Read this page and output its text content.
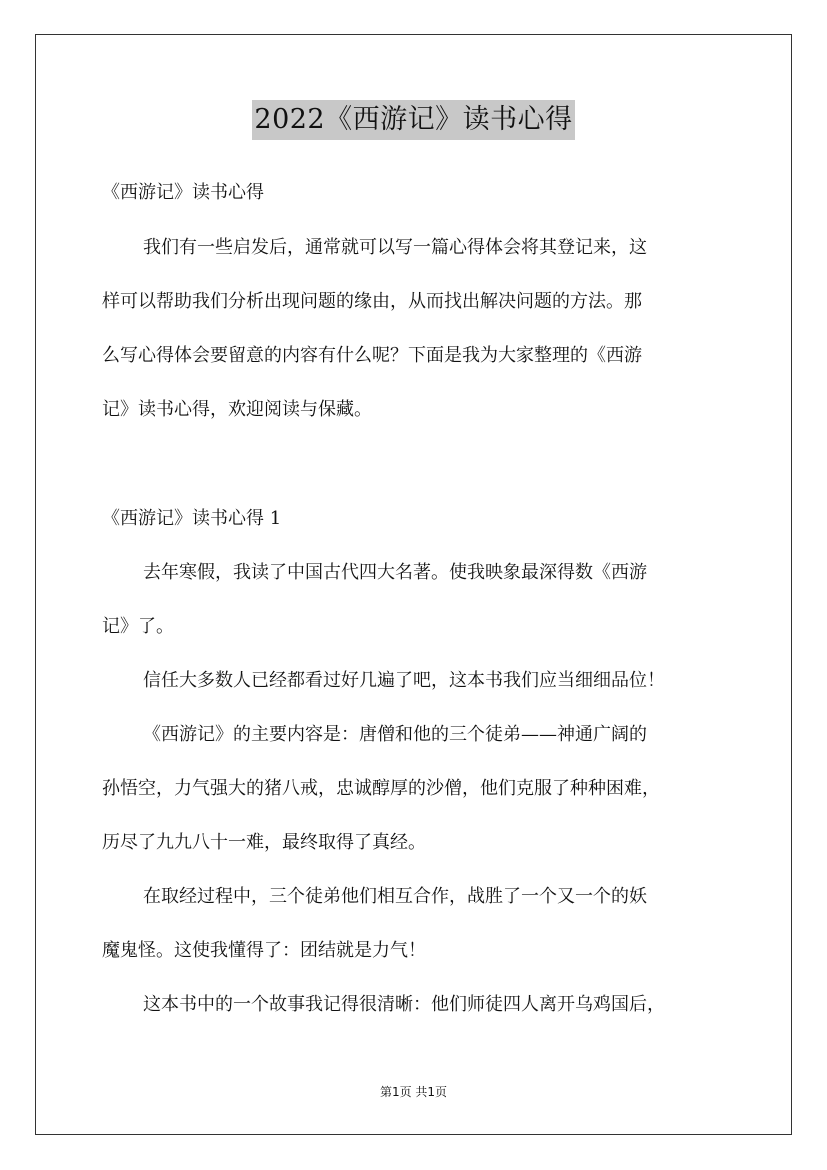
2022《西游记》读书心得
《西游记》读书心得
我们有一些启发后，通常就可以写一篇心得体会将其登记来，这
样可以帮助我们分析出现问题的缘由，从而找出解决问题的方法。那
么写心得体会要留意的内容有什么呢？下面是我为大家整理的《西游
记》读书心得，欢迎阅读与保藏。
《西游记》读书心得 1
去年寒假，我读了中国古代四大名著。使我映象最深得数《西游
记》了。
信任大多数人已经都看过好几遍了吧，这本书我们应当细细品位！
《西游记》的主要内容是：唐僧和他的三个徒弟——神通广阔的
孙悟空，力气强大的猪八戒，忠诚醇厚的沙僧，他们克服了种种困难，
历尽了九九八十一难，最终取得了真经。
在取经过程中，三个徒弟他们相互合作，战胜了一个又一个的妖
魔鬼怪。这使我懂得了：团结就是力气！
这本书中的一个故事我记得很清晰：他们师徒四人离开乌鸡国后，
第1页 共1页
